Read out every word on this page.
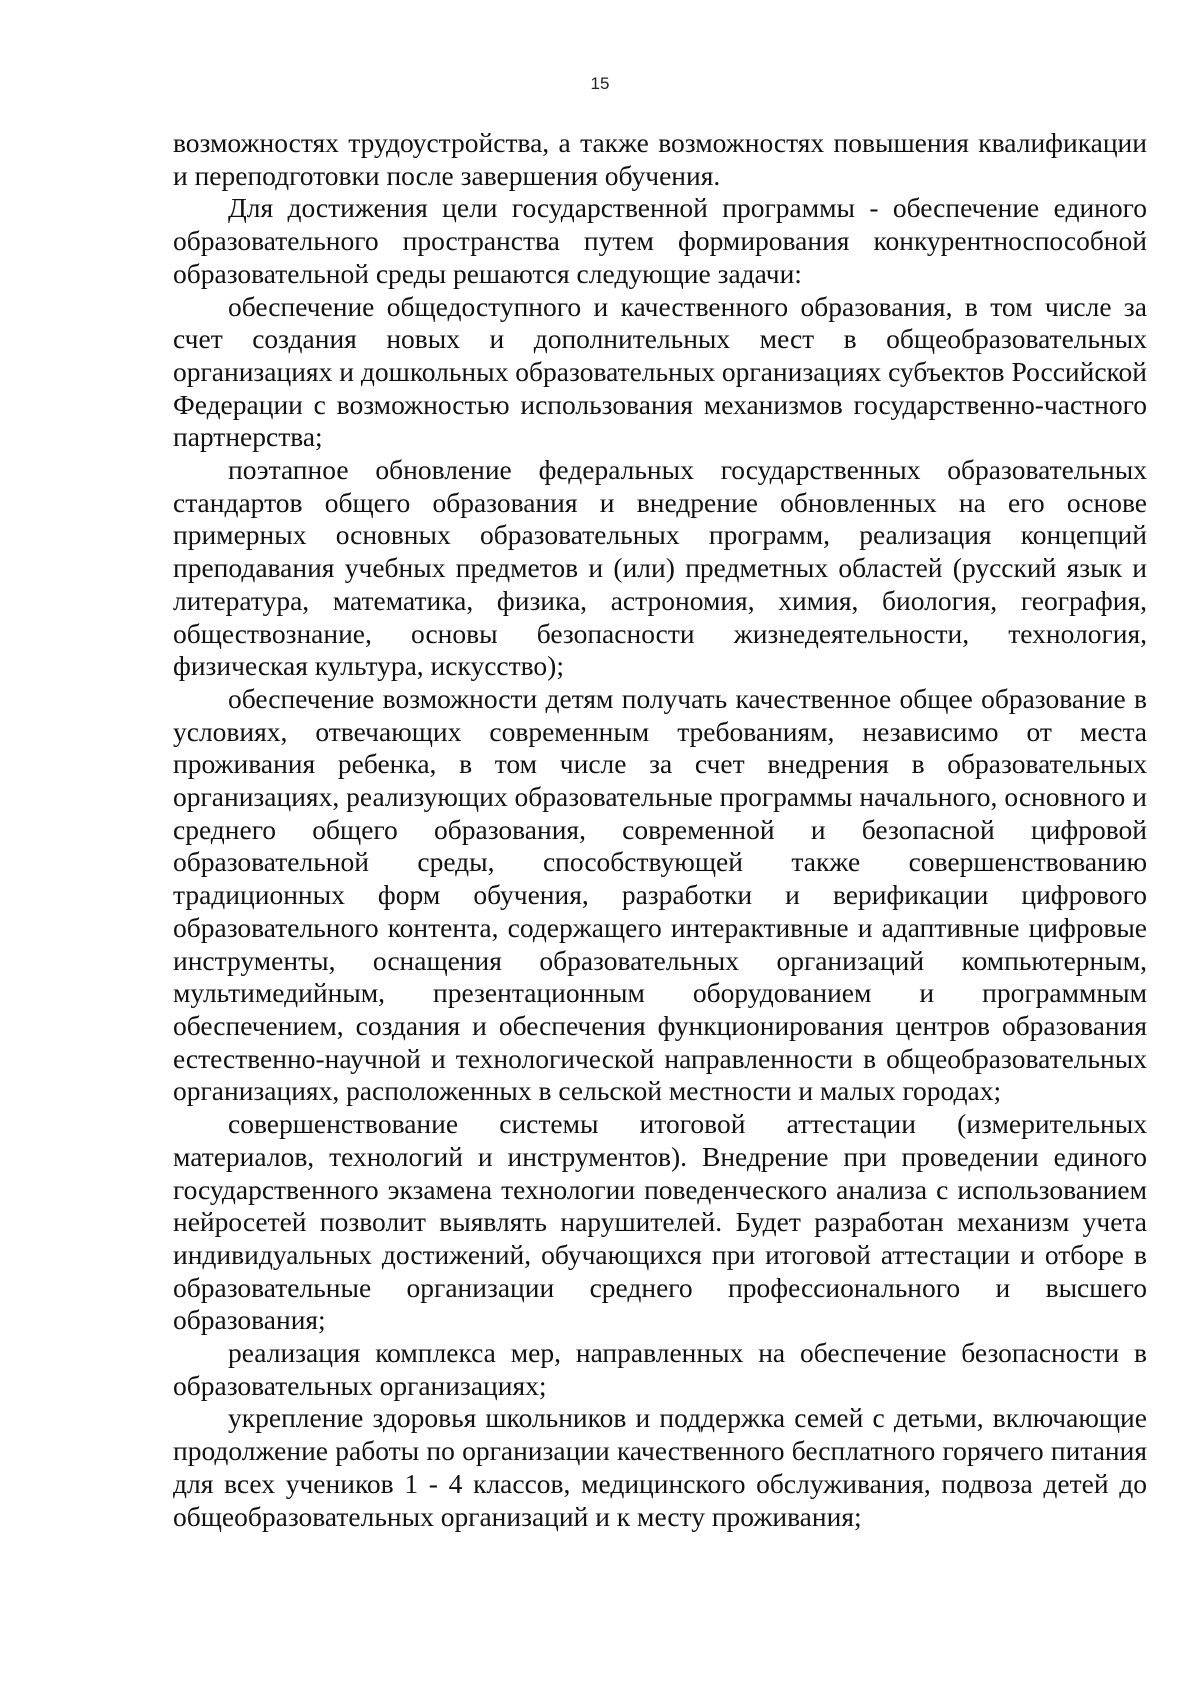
15

возможностях трудоустройства, а также возможностях повышения квалификации и переподготовки после завершения обучения.

Для достижения цели государственной программы - обеспечение единого образовательного пространства путем формирования конкурентноспособной образовательной среды решаются следующие задачи:

обеспечение общедоступного и качественного образования, в том числе за счет создания новых и дополнительных мест в общеобразовательных организациях и дошкольных образовательных организациях субъектов Российской Федерации с возможностью использования механизмов государственно-частного партнерства;

поэтапное обновление федеральных государственных образовательных стандартов общего образования и внедрение обновленных на его основе примерных основных образовательных программ, реализация концепций преподавания учебных предметов и (или) предметных областей (русский язык и литература, математика, физика, астрономия, химия, биология, география, обществознание, основы безопасности жизнедеятельности, технология, физическая культура, искусство);

обеспечение возможности детям получать качественное общее образование в условиях, отвечающих современным требованиям, независимо от места проживания ребенка, в том числе за счет внедрения в образовательных организациях, реализующих образовательные программы начального, основного и среднего общего образования, современной и безопасной цифровой образовательной среды, способствующей также совершенствованию традиционных форм обучения, разработки и верификации цифрового образовательного контента, содержащего интерактивные и адаптивные цифровые инструменты, оснащения образовательных организаций компьютерным, мультимедийным, презентационным оборудованием и программным обеспечением, создания и обеспечения функционирования центров образования естественно-научной и технологической направленности в общеобразовательных организациях, расположенных в сельской местности и малых городах;

совершенствование системы итоговой аттестации (измерительных материалов, технологий и инструментов). Внедрение при проведении единого государственного экзамена технологии поведенческого анализа с использованием нейросетей позволит выявлять нарушителей. Будет разработан механизм учета индивидуальных достижений, обучающихся при итоговой аттестации и отборе в образовательные организации среднего профессионального и высшего образования;

реализация комплекса мер, направленных на обеспечение безопасности в образовательных организациях;

укрепление здоровья школьников и поддержка семей с детьми, включающие продолжение работы по организации качественного бесплатного горячего питания для всех учеников 1 - 4 классов, медицинского обслуживания, подвоза детей до общеобразовательных организаций и к месту проживания;
